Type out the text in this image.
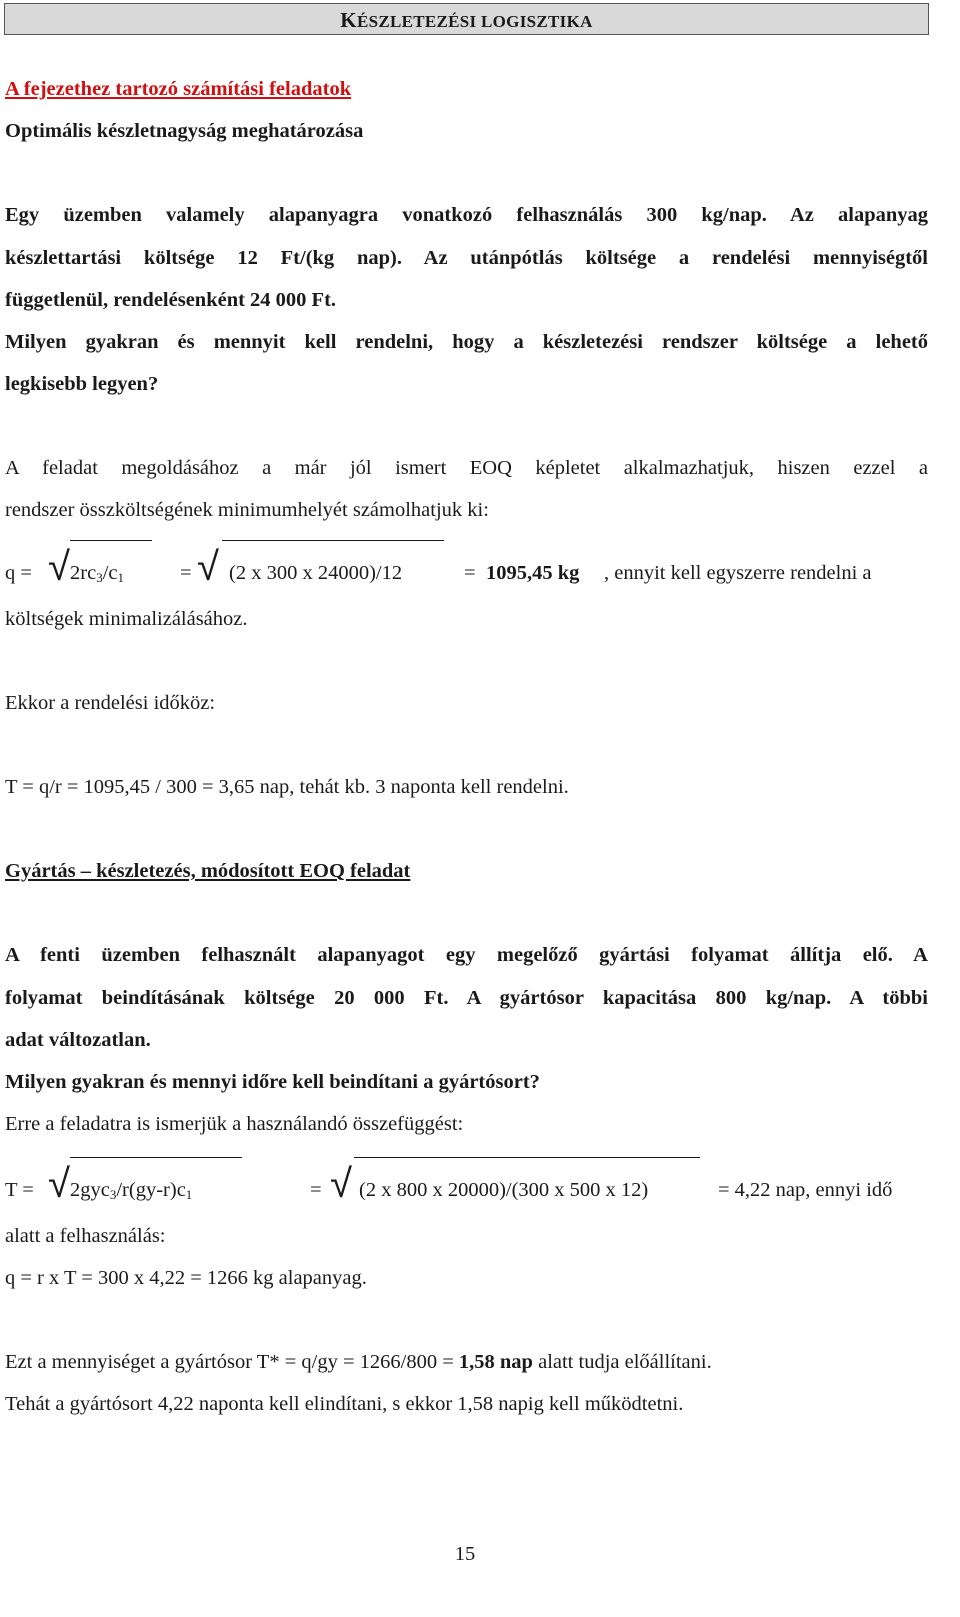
KÉSZLETEZÉSI LOGISZTIKA
A fejezethez tartozó számítási feladatok
Optimális készletnagyság meghatározása
Egy üzemben valamely alapanyagra vonatkozó felhasználás 300 kg/nap. Az alapanyag
készlettartási költsége 12 Ft/(kg nap). Az utánpótlás költsége a rendelési mennyiségtől
függetlenül, rendelésenként 24 000 Ft.
Milyen gyakran és mennyit kell rendelni, hogy a készletezési rendszer költsége a lehető
legkisebb legyen?
A feladat megoldásához a már jól ismert EOQ képletet alkalmazhatjuk, hiszen ezzel a
rendszer összköltségének minimumhelyét számolhatjuk ki:
q = √ $2rc_3/c_1$	= √ (2 x 300 x 24000)/12	= 1095,45 kg , ennyit kell egyszerre rendelni a
költségek minimalizálásához.
Ekkor a rendelési időköz:
T = q/r = 1095,45 / 300 = 3,65 nap, tehát kb. 3 naponta kell rendelni.
Gyártás – készletezés, módosított EOQ feladat
A fenti üzemben felhasznált alapanyagot egy megelőző gyártási folyamat állítja elő. A
folyamat beindításának költsége 20 000 Ft. A gyártósor kapacitása 800 kg/nap. A többi
adat változatlan.
Milyen gyakran és mennyi időre kell beindítani a gyártósort?
Erre a feladatra is ismerjük a használandó összefüggést:
T = √ $2gyc_3/r(gy-r)c_1$	= √ (2 x 800 x 20000)/(300 x 500 x 12)	= 4,22 nap, ennyi idő
alatt a felhasználás:
q = r x T = 300 x 4,22 = 1266 kg alapanyag.
Ezt a mennyiséget a gyártósor T* = q/gy = 1266/800 = 1,58 nap alatt tudja előállítani.
Tehát a gyártósort 4,22 naponta kell elindítani, s ekkor 1,58 napig kell működtetni.
15
